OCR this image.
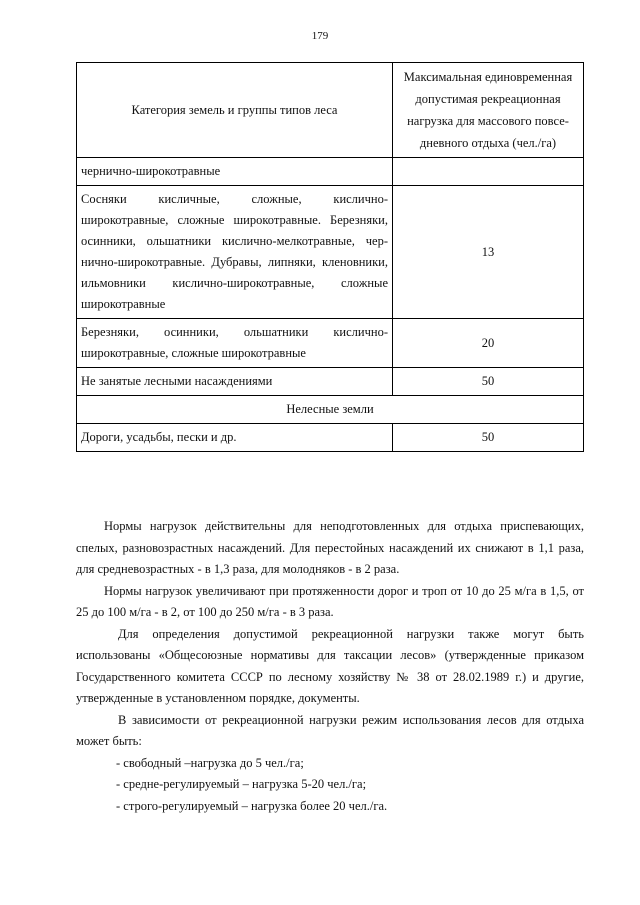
179
Категория земель и группы типов леса	Максимальная единовременная допустимая рекреационная нагрузка для массового повсе-дневного отдыха (чел./га)
чернично-широкотравные	
Сосняки кисличные, сложные, кислично-широкотравные, сложные широкотравные. Березняки, осинники, ольшатники кислично-мелкотравные, чер-нично-широкотравные. Дубравы, липняки, кленовники, ильмовники кислично-широкотравные, сложные широкотравные	13
Березняки, осинники, ольшатники кислично-широкотравные, сложные широкотравные	20
Не занятые лесными насаждениями	50
Нелесные земли	
Дороги, усадьбы, пески и др.	50

Нормы нагрузок действительны для неподготовленных для отдыха приспевающих, спелых, разновозрастных насаждений. Для перестойных насаждений их снижают в 1,1 раза, для средневозрастных - в 1,3 раза, для молодняков - в 2 раза.

Нормы нагрузок увеличивают при протяженности дорог и троп от 10 до 25 м/га в 1,5, от 25 до 100 м/га - в 2, от 100 до 250 м/га - в 3 раза.

Для определения допустимой рекреационной нагрузки также могут быть использованы «Общесоюзные нормативы для таксации лесов» (утвержденные приказом Государственного комитета СССР по лесному хозяйству № 38 от 28.02.1989 г.) и другие, утвержденные в установленном порядке, документы.

В зависимости от рекреационной нагрузки режим использования лесов для отдыха может быть:

- свободный –нагрузка до 5 чел./га;

- средне-регулируемый – нагрузка 5-20 чел./га;

- строго-регулируемый – нагрузка более 20 чел./га.
